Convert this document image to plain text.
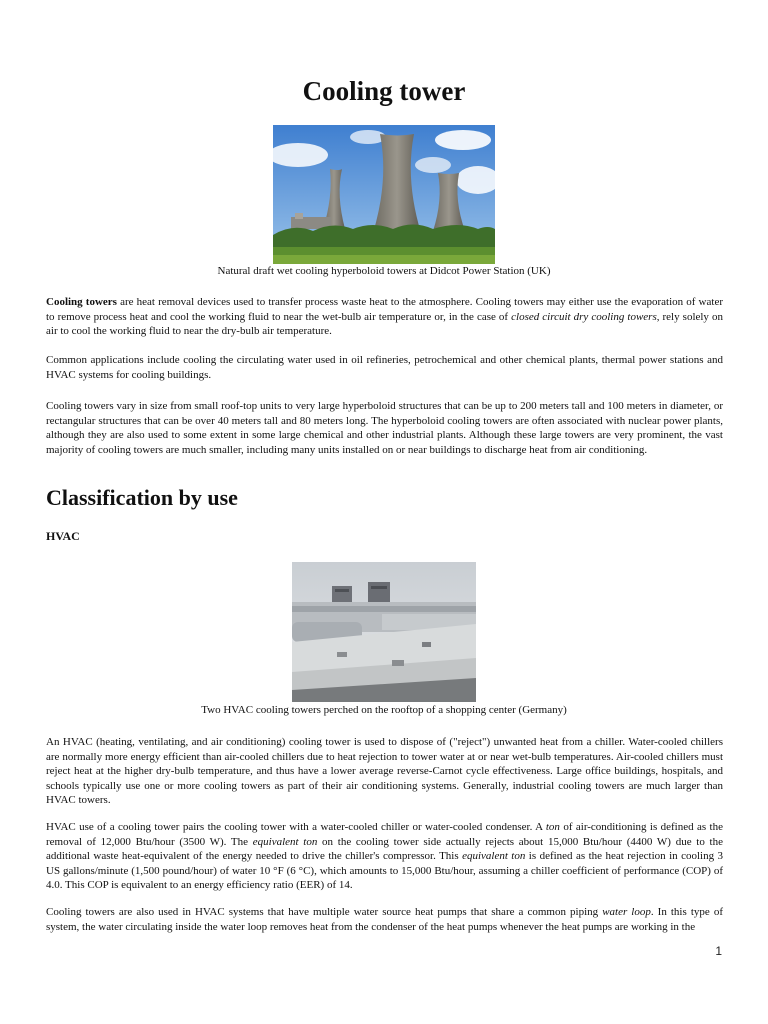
Cooling tower
Natural draft wet cooling hyperboloid towers at Didcot Power Station (UK)

Cooling towers are heat removal devices used to transfer process waste heat to the atmosphere. Cooling towers may either use the evaporation of water to remove process heat and cool the working fluid to near the wet-bulb air temperature or, in the case of closed circuit dry cooling towers, rely solely on air to cool the working fluid to near the dry-bulb air temperature.

Common applications include cooling the circulating water used in oil refineries, petrochemical and other chemical plants, thermal power stations and HVAC systems for cooling buildings.

Cooling towers vary in size from small roof-top units to very large hyperboloid structures that can be up to 200 meters tall and 100 meters in diameter, or rectangular structures that can be over 40 meters tall and 80 meters long. The hyperboloid cooling towers are often associated with nuclear power plants, although they are also used to some extent in some large chemical and other industrial plants. Although these large towers are very prominent, the vast majority of cooling towers are much smaller, including many units installed on or near buildings to discharge heat from air conditioning.

Classification by use
HVAC
Two HVAC cooling towers perched on the rooftop of a shopping center (Germany)

An HVAC (heating, ventilating, and air conditioning) cooling tower is used to dispose of ("reject") unwanted heat from a chiller. Water-cooled chillers are normally more energy efficient than air-cooled chillers due to heat rejection to tower water at or near wet-bulb temperatures. Air-cooled chillers must reject heat at the higher dry-bulb temperature, and thus have a lower average reverse-Carnot cycle effectiveness. Large office buildings, hospitals, and schools typically use one or more cooling towers as part of their air conditioning systems. Generally, industrial cooling towers are much larger than HVAC towers.

HVAC use of a cooling tower pairs the cooling tower with a water-cooled chiller or water-cooled condenser. A ton of air-conditioning is defined as the removal of 12,000 Btu/hour (3500 W). The equivalent ton on the cooling tower side actually rejects about 15,000 Btu/hour (4400 W) due to the additional waste heat-equivalent of the energy needed to drive the chiller's compressor. This equivalent ton is defined as the heat rejection in cooling 3 US gallons/minute (1,500 pound/hour) of water 10 °F (6 °C), which amounts to 15,000 Btu/hour, assuming a chiller coefficient of performance (COP) of 4.0. This COP is equivalent to an energy efficiency ratio (EER) of 14.

Cooling towers are also used in HVAC systems that have multiple water source heat pumps that share a common piping water loop. In this type of system, the water circulating inside the water loop removes heat from the condenser of the heat pumps whenever the heat pumps are working in the

1
